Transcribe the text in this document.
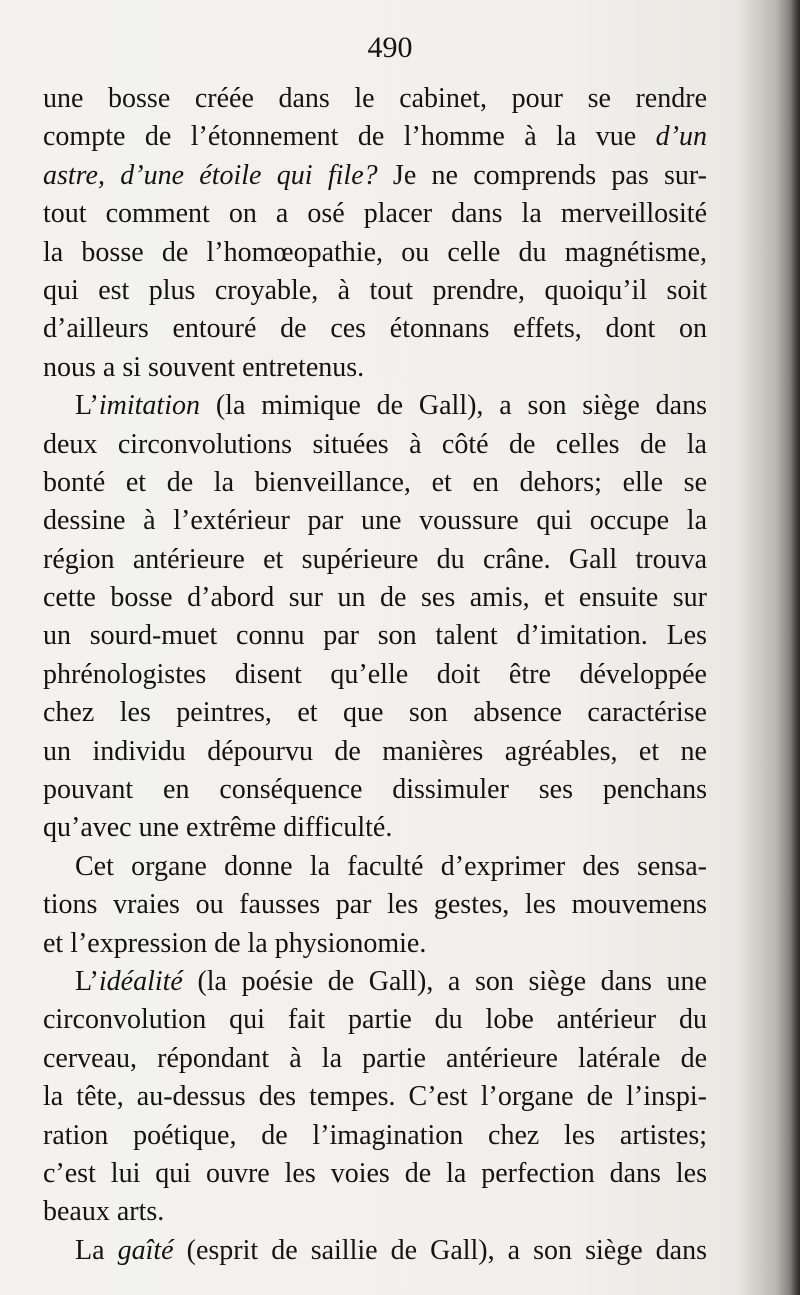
490
une bosse créée dans le cabinet, pour se rendre
compte de l’étonnement de l’homme à la vue d’un
astre, d’une étoile qui file? Je ne comprends pas sur-
tout comment on a osé placer dans la merveillosité
la bosse de l’homœopathie, ou celle du magnétisme,
qui est plus croyable, à tout prendre, quoiqu’il soit
d’ailleurs entouré de ces étonnans effets, dont on
nous a si souvent entretenus.
L’imitation (la mimique de Gall), a son siège dans
deux circonvolutions situées à côté de celles de la
bonté et de la bienveillance, et en dehors; elle se
dessine à l’extérieur par une voussure qui occupe la
région antérieure et supérieure du crâne. Gall trouva
cette bosse d’abord sur un de ses amis, et ensuite sur
un sourd-muet connu par son talent d’imitation. Les
phrénologistes disent qu’elle doit être développée
chez les peintres, et que son absence caractérise
un individu dépourvu de manières agréables, et ne
pouvant en conséquence dissimuler ses penchans
qu’avec une extrême difficulté.
Cet organe donne la faculté d’exprimer des sensa-
tions vraies ou fausses par les gestes, les mouvemens
et l’expression de la physionomie.
L’idéalité (la poésie de Gall), a son siège dans une
circonvolution qui fait partie du lobe antérieur du
cerveau, répondant à la partie antérieure latérale de
la tête, au-dessus des tempes. C’est l’organe de l’inspi-
ration poétique, de l’imagination chez les artistes;
c’est lui qui ouvre les voies de la perfection dans les
beaux arts.
La gaîté (esprit de saillie de Gall), a son siège dans
